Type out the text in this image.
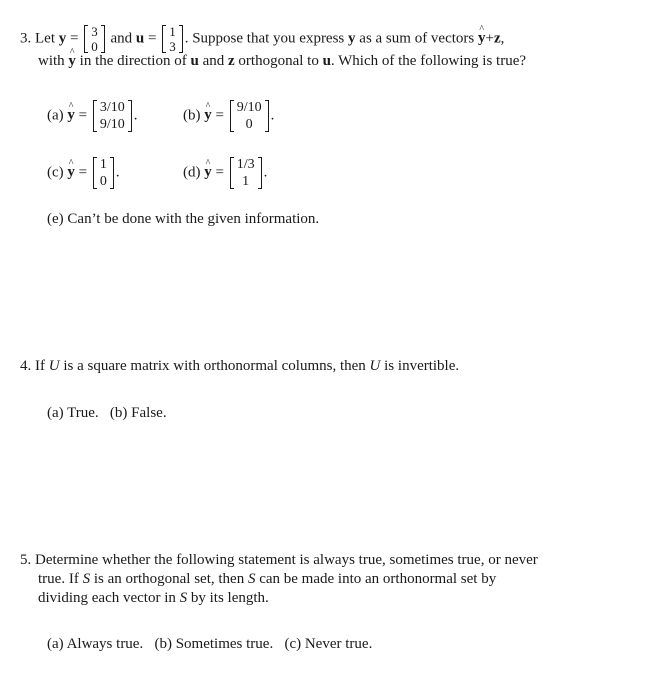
3. Let y = 3
0
and u = 1
3
. Suppose that you express y as a sum of vectors y ^+z,
with y ^ in the direction of u and z orthogonal to u. Which of the following is true?
(a) y ^ = 3/10
9/10
.	(b) y ^ = 9/10
0
.
(c) y ^ = 1
0
.	(d) y ^ = 1/3
1
.
(e) Can’t be done with the given information.
4. If U is a square matrix with orthonormal columns, then U is invertible.
(a) True. (b) False.
5. Determine whether the following statement is always true, sometimes true, or never
true. If S is an orthogonal set, then S can be made into an orthonormal set by
dividing each vector in S by its length.
(a) Always true. (b) Sometimes true. (c) Never true.
